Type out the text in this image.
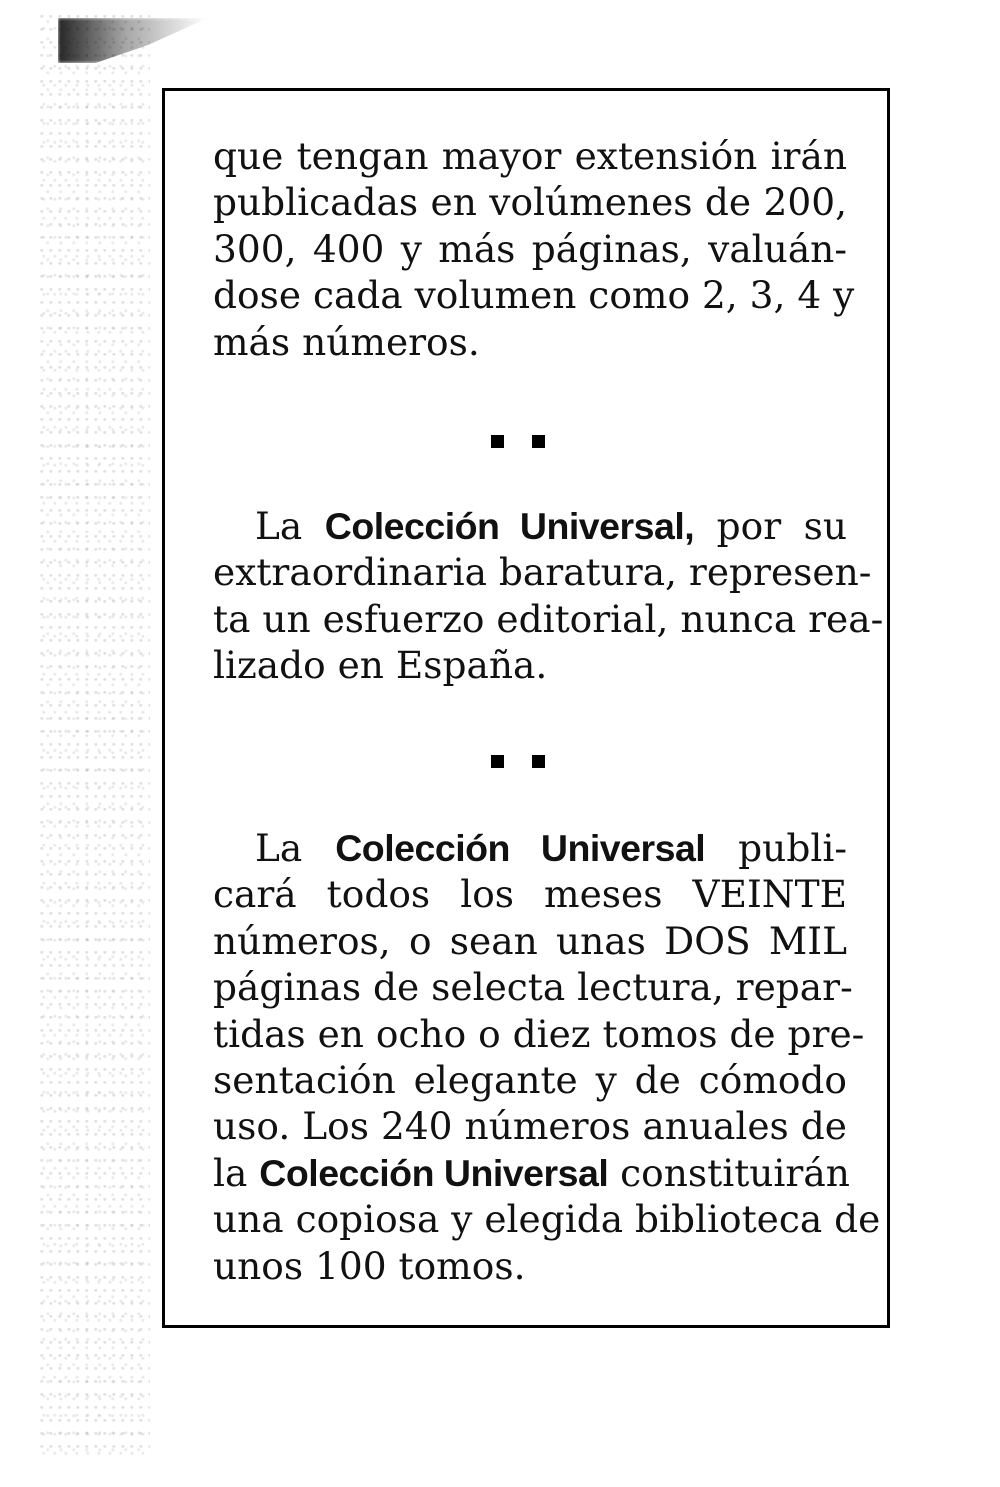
que tengan mayor extensión irán
publicadas en volúmenes de 200,
300, 400 y más páginas, valuán-
dose cada volumen como 2, 3, 4 y
más números.

La Colección Universal, por su
extraordinaria baratura, represen-
ta un esfuerzo editorial, nunca rea-
lizado en España.

La Colección Universal publi-
cará todos los meses VEINTE
números, o sean unas DOS MIL
páginas de selecta lectura, repar-
tidas en ocho o diez tomos de pre-
sentación elegante y de cómodo
uso. Los 240 números anuales de
la Colección Universal constituirán
una copiosa y elegida biblioteca de
unos 100 tomos.
